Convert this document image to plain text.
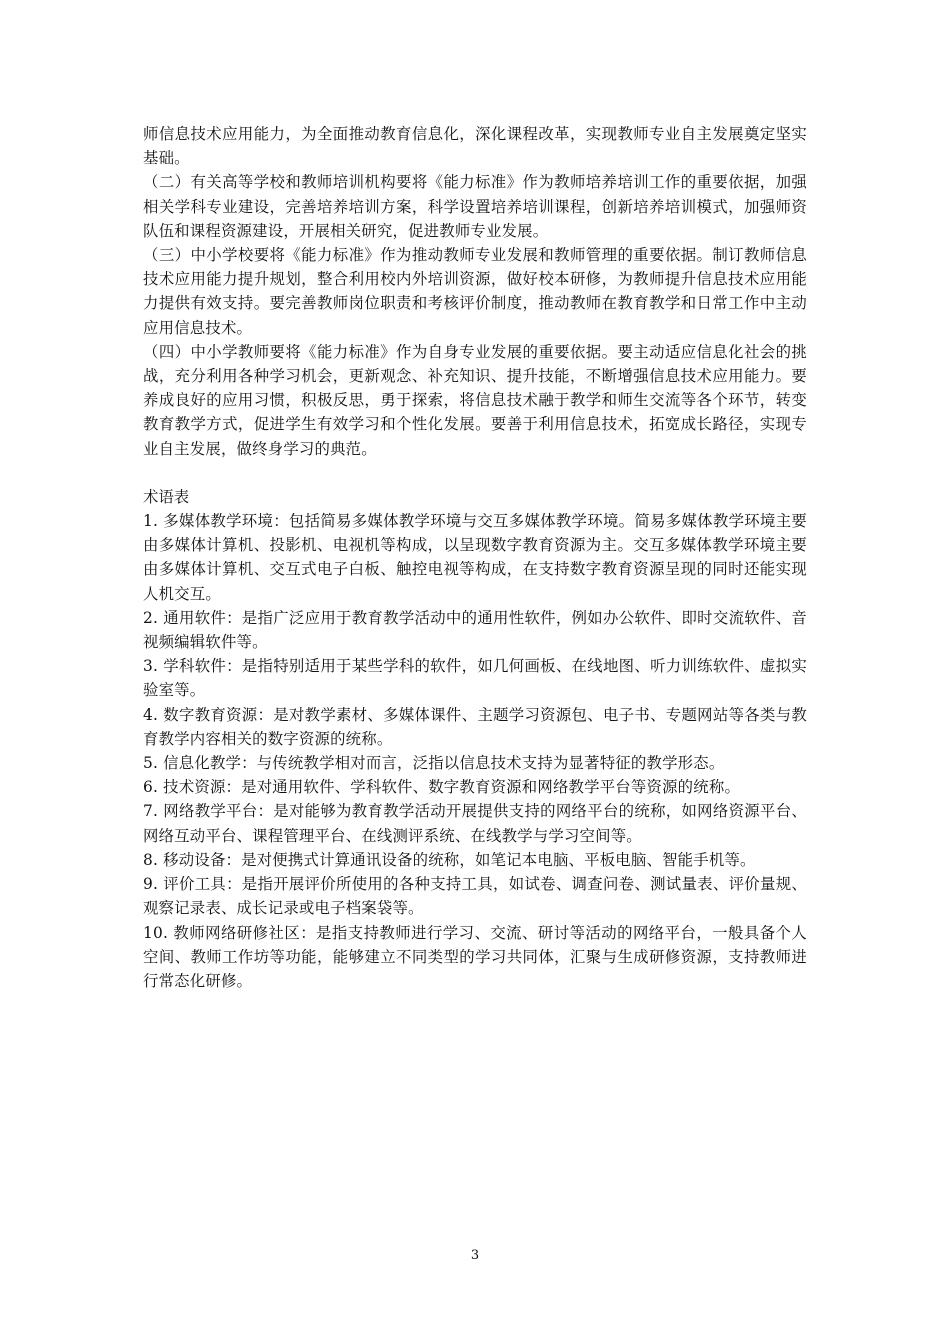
师信息技术应用能力，为全面推动教育信息化，深化课程改革，实现教师专业自主发展奠定坚实基础。

（二）有关高等学校和教师培训机构要将《能力标准》作为教师培养培训工作的重要依据，加强相关学科专业建设，完善培养培训方案，科学设置培养培训课程，创新培养培训模式，加强师资队伍和课程资源建设，开展相关研究，促进教师专业发展。

（三）中小学校要将《能力标准》作为推动教师专业发展和教师管理的重要依据。制订教师信息技术应用能力提升规划，整合利用校内外培训资源，做好校本研修，为教师提升信息技术应用能力提供有效支持。要完善教师岗位职责和考核评价制度，推动教师在教育教学和日常工作中主动应用信息技术。

（四）中小学教师要将《能力标准》作为自身专业发展的重要依据。要主动适应信息化社会的挑战，充分利用各种学习机会，更新观念、补充知识、提升技能，不断增强信息技术应用能力。要养成良好的应用习惯，积极反思，勇于探索，将信息技术融于教学和师生交流等各个环节，转变教育教学方式，促进学生有效学习和个性化发展。要善于利用信息技术，拓宽成长路径，实现专业自主发展，做终身学习的典范。

术语表

1. 多媒体教学环境：包括简易多媒体教学环境与交互多媒体教学环境。简易多媒体教学环境主要由多媒体计算机、投影机、电视机等构成，以呈现数字教育资源为主。交互多媒体教学环境主要由多媒体计算机、交互式电子白板、触控电视等构成，在支持数字教育资源呈现的同时还能实现人机交互。

2. 通用软件：是指广泛应用于教育教学活动中的通用性软件，例如办公软件、即时交流软件、音视频编辑软件等。

3. 学科软件：是指特别适用于某些学科的软件，如几何画板、在线地图、听力训练软件、虚拟实验室等。

4. 数字教育资源：是对教学素材、多媒体课件、主题学习资源包、电子书、专题网站等各类与教育教学内容相关的数字资源的统称。

5. 信息化教学：与传统教学相对而言，泛指以信息技术支持为显著特征的教学形态。

6. 技术资源：是对通用软件、学科软件、数字教育资源和网络教学平台等资源的统称。

7. 网络教学平台：是对能够为教育教学活动开展提供支持的网络平台的统称，如网络资源平台、网络互动平台、课程管理平台、在线测评系统、在线教学与学习空间等。

8. 移动设备：是对便携式计算通讯设备的统称，如笔记本电脑、平板电脑、智能手机等。

9. 评价工具：是指开展评价所使用的各种支持工具，如试卷、调查问卷、测试量表、评价量规、观察记录表、成长记录或电子档案袋等。

10. 教师网络研修社区：是指支持教师进行学习、交流、研讨等活动的网络平台，一般具备个人空间、教师工作坊等功能，能够建立不同类型的学习共同体，汇聚与生成研修资源，支持教师进行常态化研修。

3
